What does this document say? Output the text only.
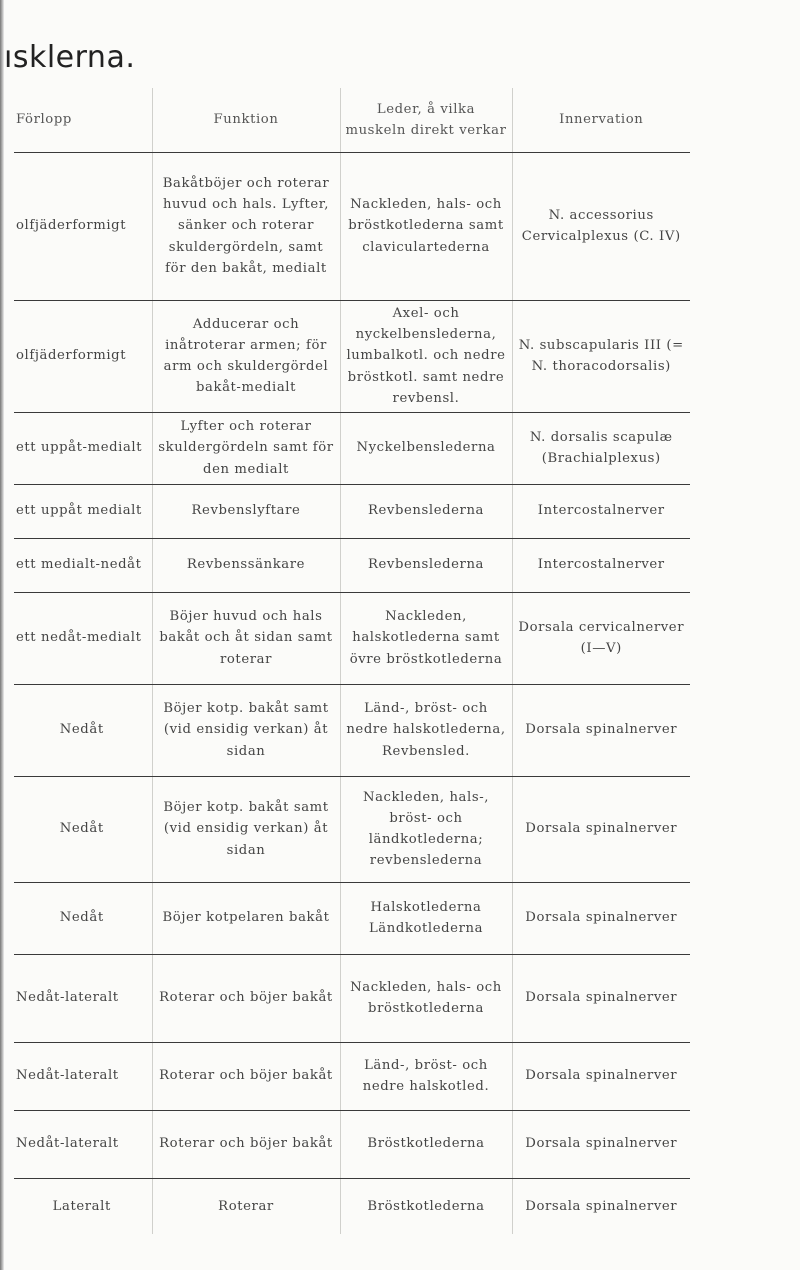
ısklerna.
Förlopp	Funktion	Leder, å vilka muskeln direkt verkar	Innervation
olfjäderformigt	Bakåtböjer och roterar huvud och hals. Lyfter, sänker och roterar skuldergördeln, samt för den bakåt, medialt	Nackleden, hals- och bröstkotlederna samt claviculartederna	N. accessorius Cervicalplexus (C. IV)
olfjäderformigt	Adducerar och inåtroterar armen; för arm och skuldergördel bakåt-medialt	Axel- och nyckelbenslederna, lumbalkotl. och nedre bröstkotl. samt nedre revbensl.	N. subscapularis III (= N. thoracodorsalis)
ett uppåt-medialt	Lyfter och roterar skuldergördeln samt för den medialt	Nyckelbenslederna	N. dorsalis scapulæ (Brachialplexus)
ett uppåt medialt	Revbenslyftare	Revbenslederna	Intercostalnerver
ett medialt-nedåt	Revbenssänkare	Revbenslederna	Intercostalnerver
ett nedåt-medialt	Böjer huvud och hals bakåt och åt sidan samt roterar	Nackleden, halskotlederna samt övre bröstkotlederna	Dorsala cervicalnerver (I—V)
Nedåt	Böjer kotp. bakåt samt (vid ensidig verkan) åt sidan	Länd-, bröst- och nedre halskotlederna, Revbensled.	Dorsala spinalnerver
Nedåt	Böjer kotp. bakåt samt (vid ensidig verkan) åt sidan	Nackleden, hals-, bröst- och ländkotlederna; revbenslederna	Dorsala spinalnerver
Nedåt	Böjer kotpelaren bakåt	Halskotlederna Ländkotlederna	Dorsala spinalnerver
Nedåt-lateralt	Roterar och böjer bakåt	Nackleden, hals- och bröstkotlederna	Dorsala spinalnerver
Nedåt-lateralt	Roterar och böjer bakåt	Länd-, bröst- och nedre halskotled.	Dorsala spinalnerver
Nedåt-lateralt	Roterar och böjer bakåt	Bröstkotlederna	Dorsala spinalnerver
Lateralt	Roterar	Bröstkotlederna	Dorsala spinalnerver
